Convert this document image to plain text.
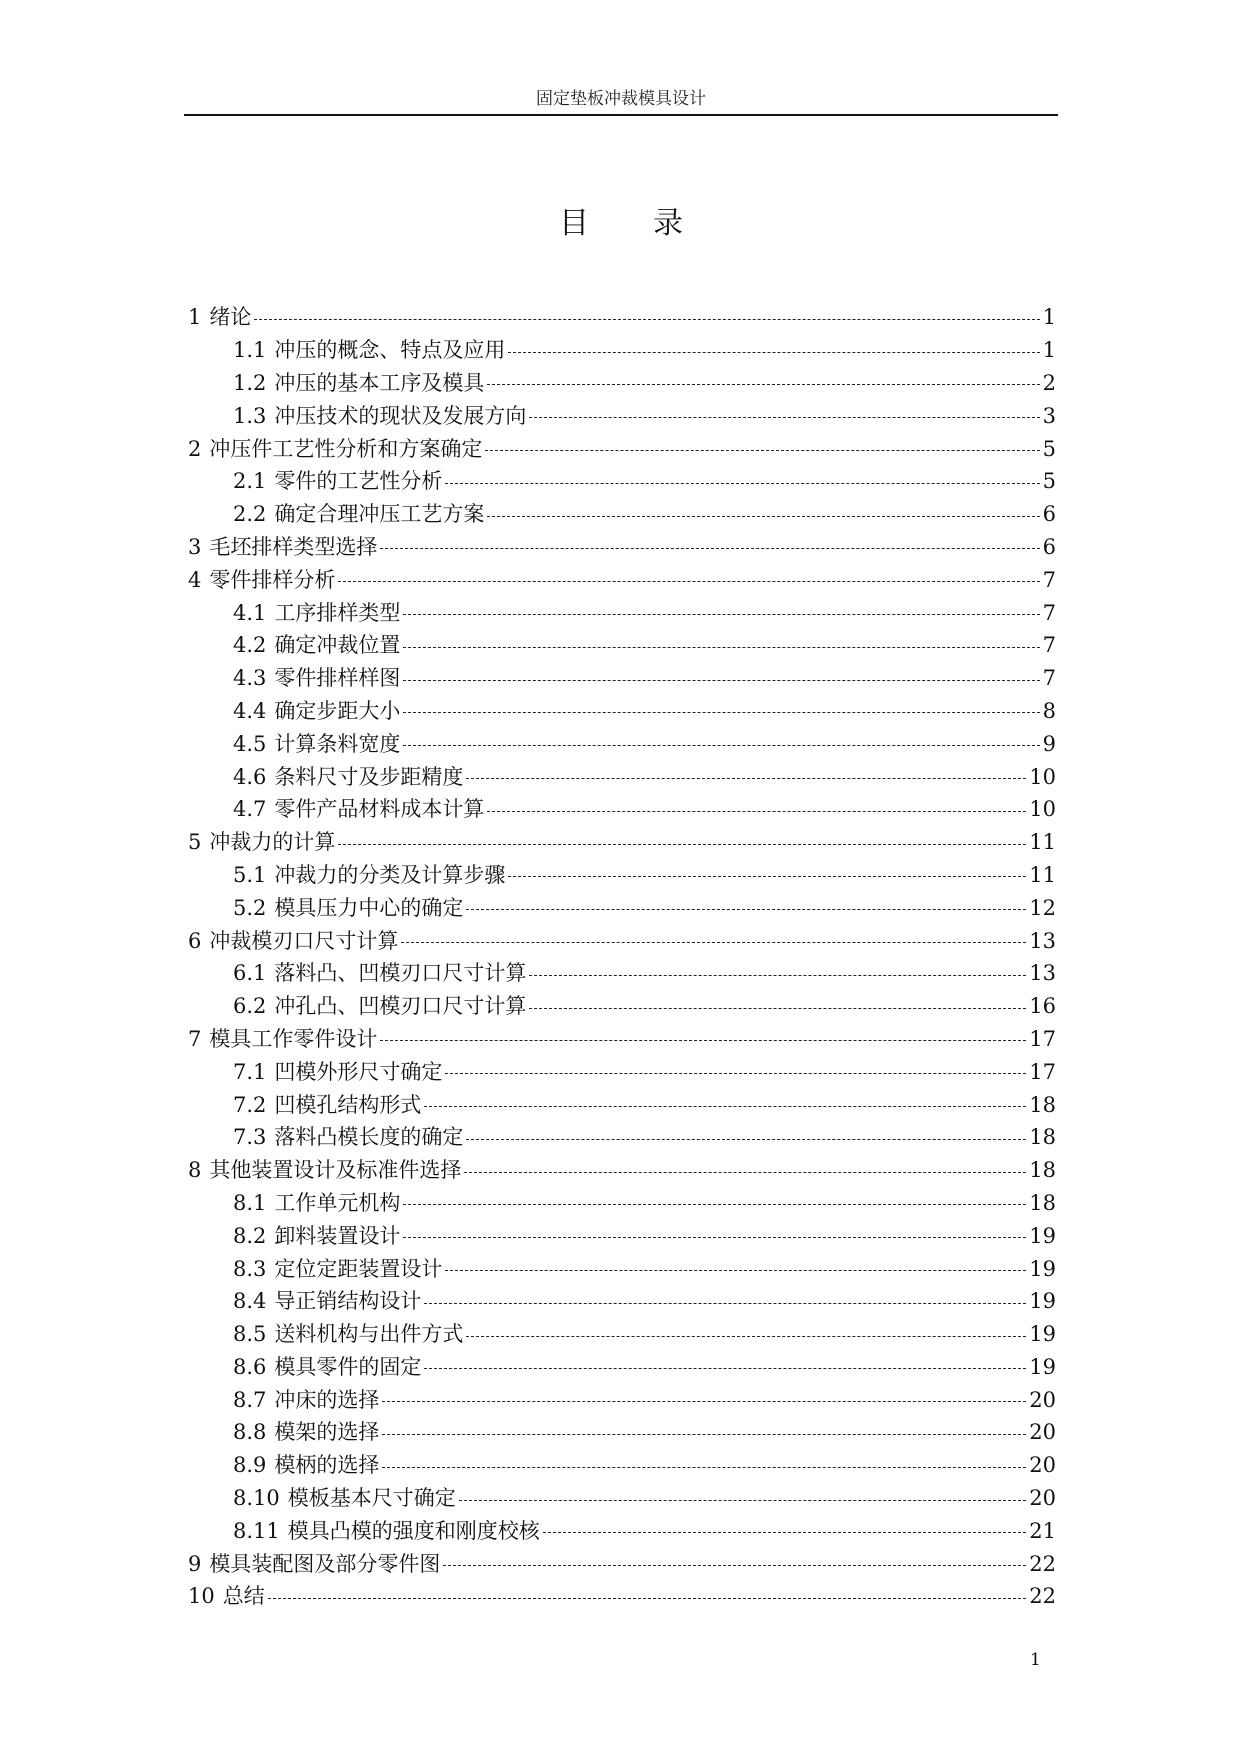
固定垫板冲裁模具设计
目 录
1 绪论	1
1.1 冲压的概念、特点及应用	1
1.2 冲压的基本工序及模具	2
1.3 冲压技术的现状及发展方向	3
2 冲压件工艺性分析和方案确定	5
2.1 零件的工艺性分析	5
2.2 确定合理冲压工艺方案	6
3 毛坯排样类型选择	6
4 零件排样分析	7
4.1 工序排样类型	7
4.2 确定冲裁位置	7
4.3 零件排样样图	7
4.4 确定步距大小	8
4.5 计算条料宽度	9
4.6 条料尺寸及步距精度	10
4.7 零件产品材料成本计算	10
5 冲裁力的计算	11
5.1 冲裁力的分类及计算步骤	11
5.2 模具压力中心的确定	12
6 冲裁模刃口尺寸计算	13
6.1 落料凸、凹模刃口尺寸计算	13
6.2 冲孔凸、凹模刃口尺寸计算	16
7 模具工作零件设计	17
7.1 凹模外形尺寸确定	17
7.2 凹模孔结构形式	18
7.3 落料凸模长度的确定	18
8 其他装置设计及标准件选择	18
8.1 工作单元机构	18
8.2 卸料装置设计	19
8.3 定位定距装置设计	19
8.4 导正销结构设计	19
8.5 送料机构与出件方式	19
8.6 模具零件的固定	19
8.7 冲床的选择	20
8.8 模架的选择	20
8.9 模柄的选择	20
8.10 模板基本尺寸确定	20
8.11 模具凸模的强度和刚度校核	21
9 模具装配图及部分零件图	22
10 总结	22
1
